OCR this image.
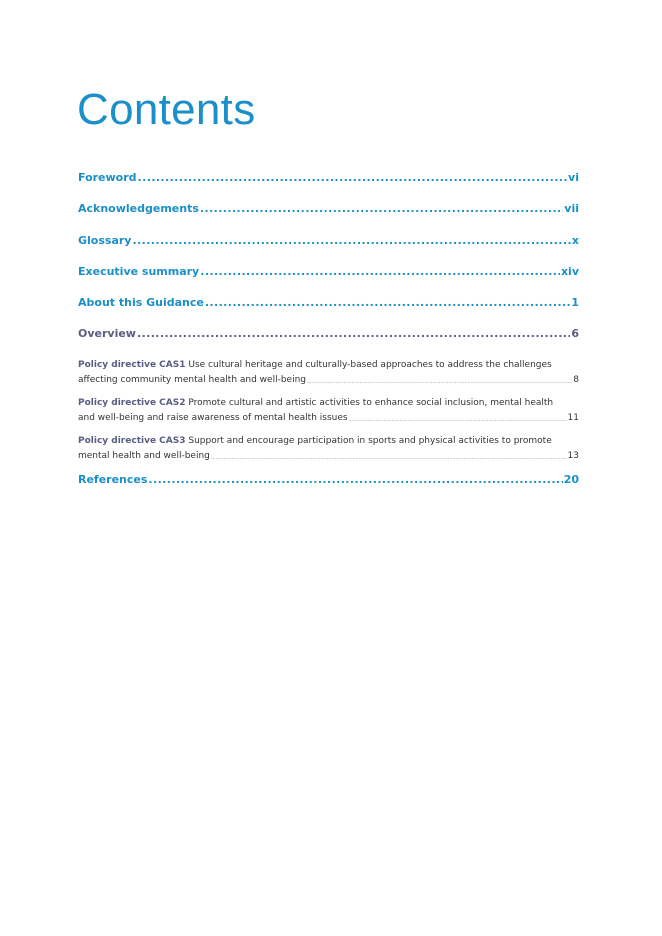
Contents
Foreword .....	vi
Acknowledgements .....	vii
Glossary .....	x
Executive summary .....	xiv
About this Guidance .....	1
Overview .....	6
Policy directive CAS1 Use cultural heritage and culturally-based approaches to address the challenges
affecting community mental health and well-being .....	8
Policy directive CAS2 Promote cultural and artistic activities to enhance social inclusion, mental health
and well-being and raise awareness of mental health issues .....	11
Policy directive CAS3 Support and encourage participation in sports and physical activities to promote
mental health and well-being .....	13
References .....	20
